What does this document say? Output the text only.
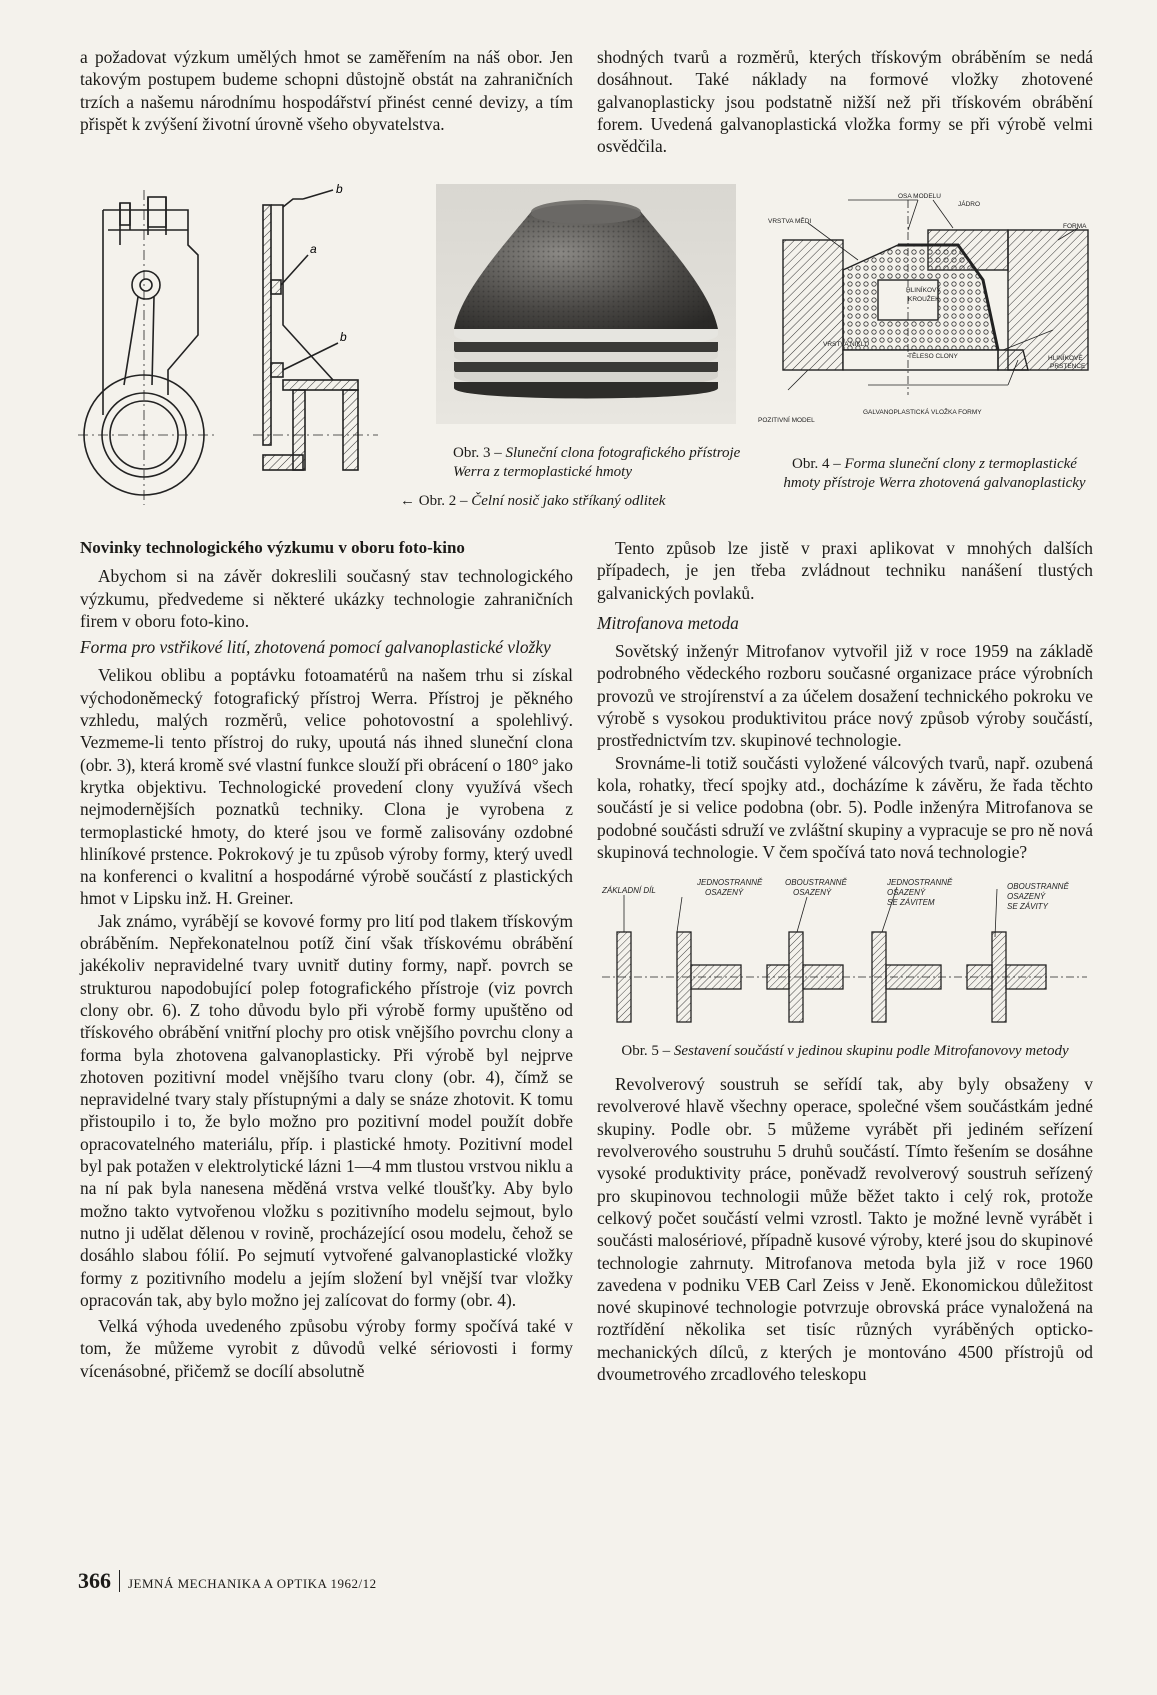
a požadovat výzkum umělých hmot se zaměřením na náš obor. Jen takovým postupem budeme schopni důstojně obstát na zahraničních trzích a našemu národnímu hospodářství přinést cenné devizy, a tím přispět k zvýšení životní úrovně všeho obyvatelstva.

shodných tvarů a rozměrů, kterých třískovým obráběním se nedá dosáhnout. Také náklady na formové vložky zhotovené galvanoplasticky jsou podstatně nižší než při třískovém obrábění forem. Uvedená galvanoplastická vložka formy se při výrobě velmi osvědčila.

b
a
b
OSA MODELU
JÁDRO
VRSTVA MĚDI
FORMA
HLINÍKOVÝ
KROUŽEK
VRSTVA NIKLU
TĚLESO CLONY	HLINÍKOVÉ
PRSTENCE
POZITIVNÍ MODEL
GALVANOPLASTICKÁ VLOŽKA FORMY
Obr. 3 – Sluneční clona fotografického přístroje Werra z termoplastické hmoty	Obr. 4 – Forma sluneční clony z termoplastické hmoty přístroje Werra zhotovená galvanoplasticky
← Obr. 2 – Čelní nosič jako stříkaný odlitek

Novinky technologického výzkumu v oboru foto-kino

Abychom si na závěr dokreslili současný stav technologického výzkumu, předvedeme si některé ukázky technologie zahraničních firem v oboru foto-kino.

Forma pro vstřikové lití, zhotovená pomocí galvanoplastické vložky

Velikou oblibu a poptávku fotoamatérů na našem trhu si získal východoněmecký fotografický přístroj Werra. Přístroj je pěkného vzhledu, malých rozměrů, velice pohotovostní a spolehlivý. Vezmeme-li tento přístroj do ruky, upoutá nás ihned sluneční clona (obr. 3), která kromě své vlastní funkce slouží při obrácení o 180° jako krytka objektivu. Technologické provedení clony využívá všech nejmodernějších poznatků techniky. Clona je vyrobena z termoplastické hmoty, do které jsou ve formě zalisovány ozdobné hliníkové prstence. Pokrokový je tu způsob výroby formy, který uvedl na konferenci o kvalitní a hospodárné výrobě součástí z plastických hmot v Lipsku inž. H. Greiner.

Jak známo, vyrábějí se kovové formy pro lití pod tlakem třískovým obráběním. Nepřekonatelnou potíž činí však třískovému obrábění jakékoliv nepravidelné tvary uvnitř dutiny formy, např. povrch se strukturou napodobující polep fotografického přístroje (viz povrch clony obr. 6). Z toho důvodu bylo při výrobě formy upuštěno od třískového obrábění vnitřní plochy pro otisk vnějšího povrchu clony a forma byla zhotovena galvanoplasticky. Při výrobě byl nejprve zhotoven pozitivní model vnějšího tvaru clony (obr. 4), čímž se nepravidelné tvary staly přístupnými a daly se snáze zhotovit. K tomu přistoupilo i to, že bylo možno pro pozitivní model použít dobře opracovatelného materiálu, příp. i plastické hmoty. Pozitivní model byl pak potažen v elektrolytické lázni 1—4 mm tlustou vrstvou niklu a na ní pak byla nanesena měděná vrstva velké tloušťky. Aby bylo možno takto vytvořenou vložku s pozitivního modelu sejmout, bylo nutno ji udělat dělenou v rovině, procházející osou modelu, čehož se dosáhlo slabou fólií. Po sejmutí vytvořené galvanoplastické vložky formy z pozitivního modelu a jejím složení byl vnější tvar vložky opracován tak, aby bylo možno jej zalícovat do formy (obr. 4).

Velká výhoda uvedeného způsobu výroby formy spočívá také v tom, že můžeme vyrobit z důvodů velké sériovosti i formy vícenásobné, přičemž se docílí absolutně

Tento způsob lze jistě v praxi aplikovat v mnohých dalších případech, je jen třeba zvládnout techniku nanášení tlustých galvanických povlaků.

Mitrofanova metoda

Sovětský inženýr Mitrofanov vytvořil již v roce 1959 na základě podrobného vědeckého rozboru současné organizace práce výrobních provozů ve strojírenství a za účelem dosažení technického pokroku ve výrobě s vysokou produktivitou práce nový způsob výroby součástí, prostřednictvím tzv. skupinové technologie.

Srovnáme-li totiž součásti vyložené válcových tvarů, např. ozubená kola, rohatky, třecí spojky atd., docházíme k závěru, že řada těchto součástí je si velice podobna (obr. 5). Podle inženýra Mitrofanova se podobné součásti sdruží ve zvláštní skupiny a vypracuje se pro ně nová skupinová technologie. V čem spočívá tato nová technologie?

ZÁKLADNÍ DÍL
JEDNOSTRANNĚ
OSAZENÝ
OBOUSTRANNĚ
OSAZENÝ
JEDNOSTRANNĚ
OSAZENÝ
SE ZÁVITEM
OBOUSTRANNĚ
OSAZENÝ
SE ZÁVITY
Obr. 5 – Sestavení součástí v jedinou skupinu podle Mitrofanovovy metody

Revolverový soustruh se seřídí tak, aby byly obsaženy v revolverové hlavě všechny operace, společné všem součástkám jedné skupiny. Podle obr. 5 můžeme vyrábět při jediném seřízení revolverového soustruhu 5 druhů součástí. Tímto řešením se dosáhne vysoké produktivity práce, poněvadž revolverový soustruh seřízený pro skupinovou technologii může běžet takto i celý rok, protože celkový počet součástí velmi vzrostl. Takto je možné levně vyrábět i součásti malosériové, případně kusové výroby, které jsou do skupinové technologie zahrnuty. Mitrofanova metoda byla již v roce 1960 zavedena v podniku VEB Carl Zeiss v Jeně. Ekonomickou důležitost nové skupinové technologie potvrzuje obrovská práce vynaložená na roztřídění několika set tisíc různých vyráběných opticko-mechanických dílců, z kterých je montováno 4500 přístrojů od dvoumetrového zrcadlového teleskopu

366 JEMNÁ MECHANIKA A OPTIKA 1962/12
